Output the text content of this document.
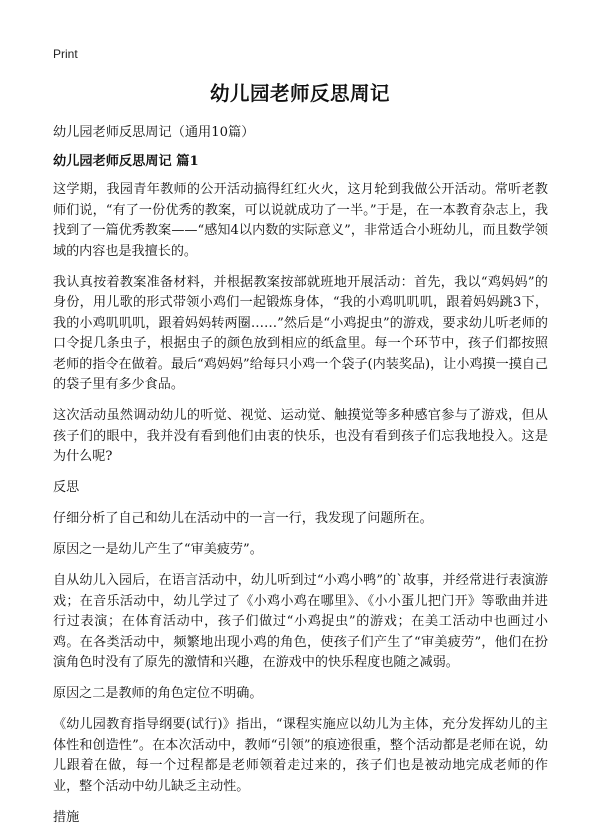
Print
幼儿园老师反思周记

幼儿园老师反思周记（通用10篇）

幼儿园老师反思周记 篇1

这学期，我园青年教师的公开活动搞得红红火火，这月轮到我做公开活动。常听老教师们说，“有了一份优秀的教案，可以说就成功了一半。”于是，在一本教育杂志上，我找到了一篇优秀教案——“感知4以内数的实际意义”，非常适合小班幼儿，而且数学领域的内容也是我擅长的。

我认真按着教案准备材料，并根据教案按部就班地开展活动：首先，我以“鸡妈妈”的身份，用儿歌的形式带领小鸡们一起锻炼身体，“我的小鸡叽叽叽，跟着妈妈跳3下，我的小鸡叽叽叽，跟着妈妈转两圈……”然后是“小鸡捉虫”的游戏，要求幼儿听老师的口令捉几条虫子，根据虫子的颜色放到相应的纸盒里。每一个环节中，孩子们都按照老师的指令在做着。最后“鸡妈妈”给每只小鸡一个袋子(内装奖品)，让小鸡摸一摸自己的袋子里有多少食品。

这次活动虽然调动幼儿的听觉、视觉、运动觉、触摸觉等多种感官参与了游戏，但从孩子们的眼中，我并没有看到他们由衷的快乐，也没有看到孩子们忘我地投入。这是为什么呢?

反思

仔细分析了自己和幼儿在活动中的一言一行，我发现了问题所在。

原因之一是幼儿产生了“审美疲劳”。

自从幼儿入园后，在语言活动中，幼儿听到过“小鸡小鸭”的`故事，并经常进行表演游戏；在音乐活动中，幼儿学过了《小鸡小鸡在哪里》、《小小蛋儿把门开》等歌曲并进行过表演；在体育活动中，孩子们做过“小鸡捉虫”的游戏；在美工活动中也画过小鸡。在各类活动中，频繁地出现小鸡的角色，使孩子们产生了“审美疲劳”，他们在扮演角色时没有了原先的激情和兴趣，在游戏中的快乐程度也随之减弱。

原因之二是教师的角色定位不明确。

《幼儿园教育指导纲要(试行)》指出，“课程实施应以幼儿为主体，充分发挥幼儿的主体性和创造性”。在本次活动中，教师“引领”的痕迹很重，整个活动都是老师在说，幼儿跟着在做，每一个过程都是老师领着走过来的，孩子们也是被动地完成老师的作业，整个活动中幼儿缺乏主动性。

措施
